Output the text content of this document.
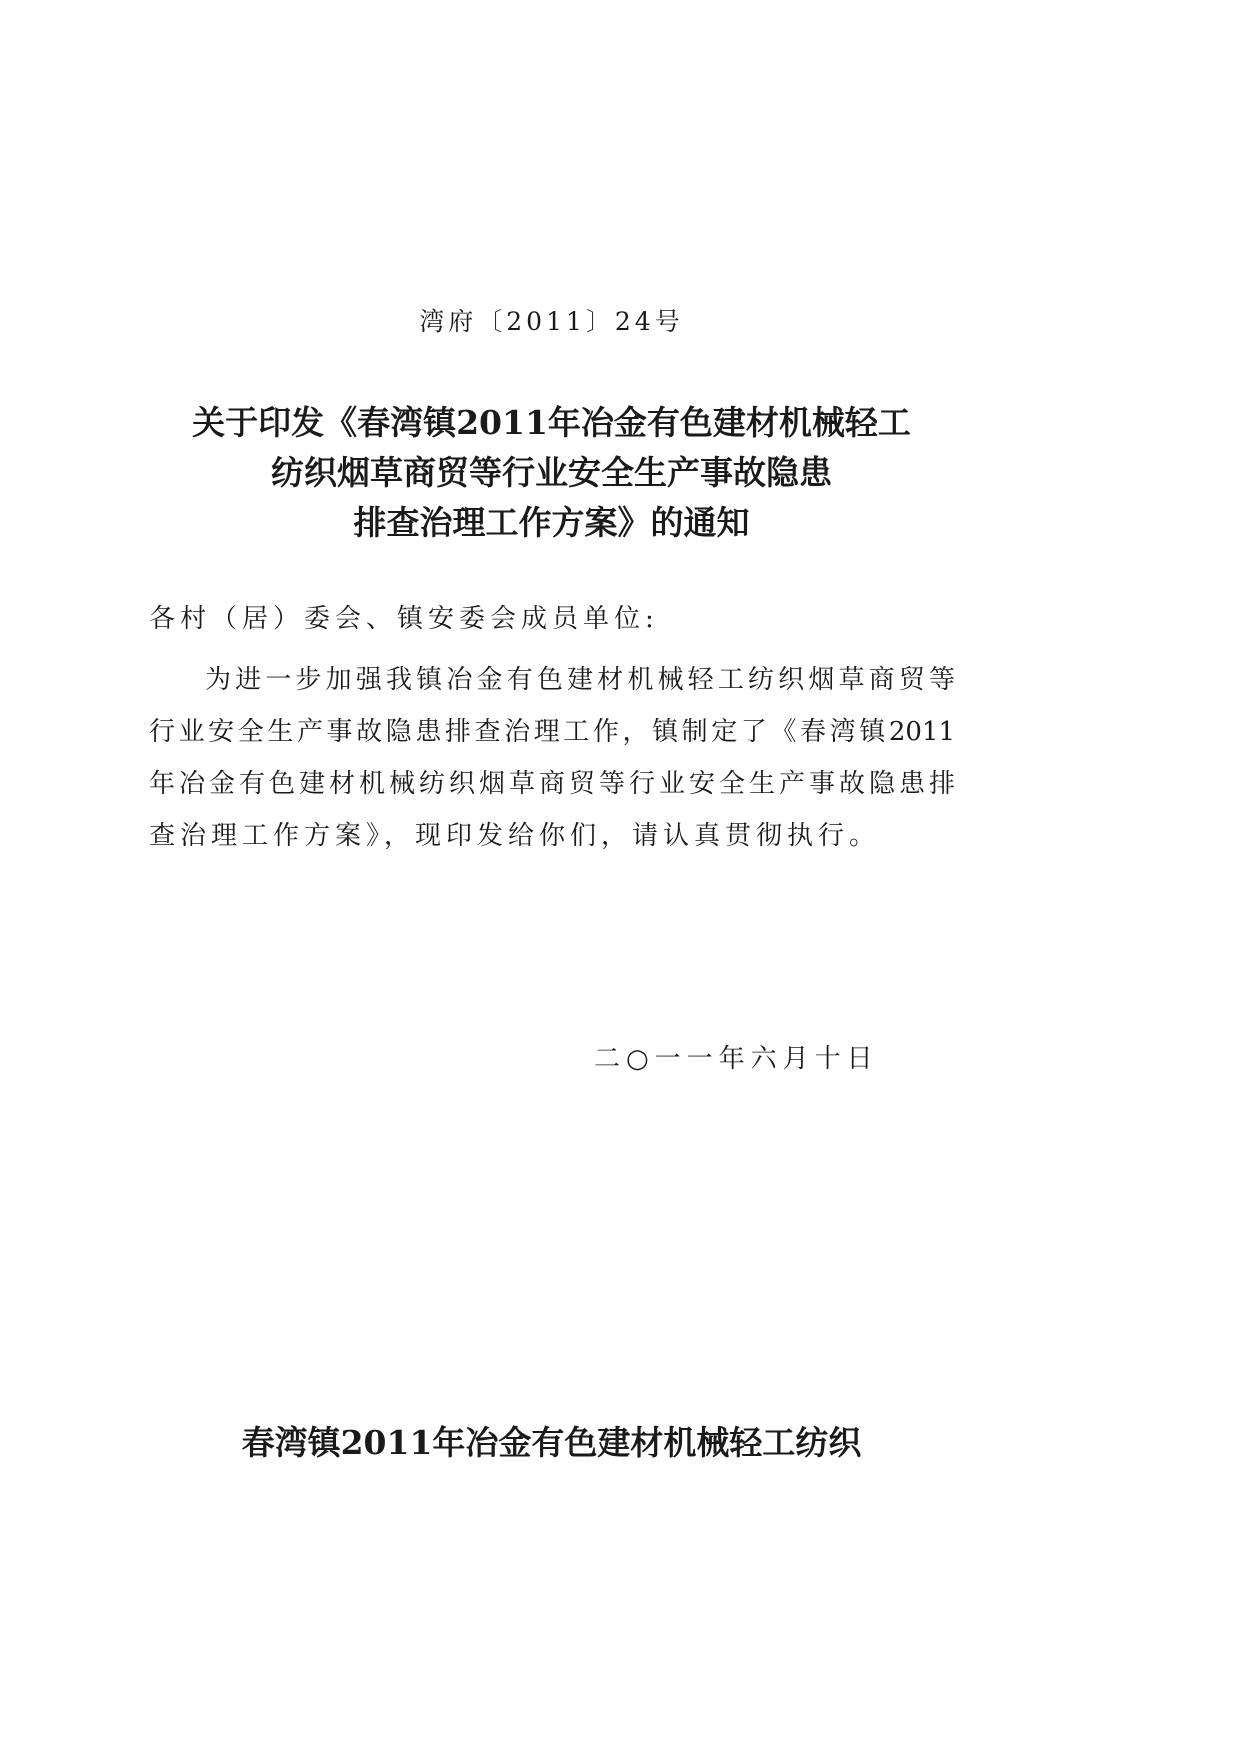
湾府〔2011〕24号
关于印发《春湾镇2011年冶金有色建材机械轻工
纺织烟草商贸等行业安全生产事故隐患
排查治理工作方案》的通知
各村（居）委会、镇安委会成员单位:
为进一步加强我镇冶金有色建材机械轻工纺织烟草商贸等
行业安全生产事故隐患排查治理工作，镇制定了《春湾镇2011
年冶金有色建材机械纺织烟草商贸等行业安全生产事故隐患排
查治理工作方案》，现印发给你们，请认真贯彻执行。
二○一一年六月十日
春湾镇2011年冶金有色建材机械轻工纺织
